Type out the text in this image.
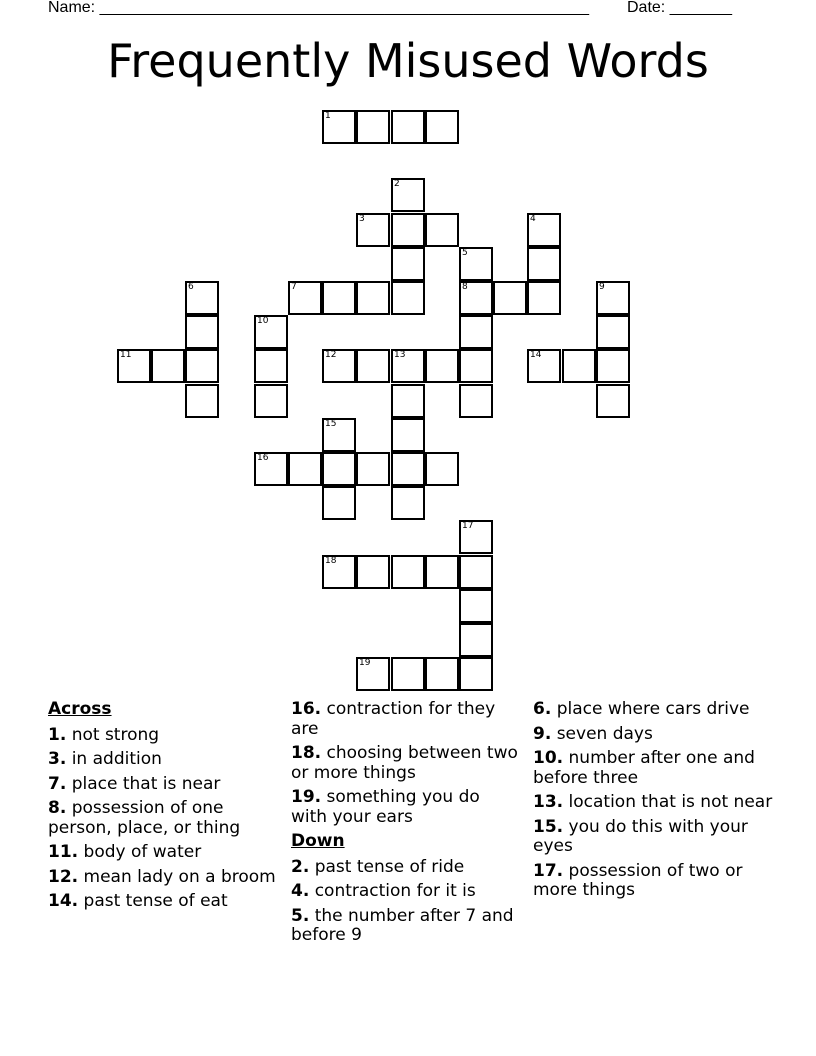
Name: _______________________________________________________ Date: _______
Frequently Misused Words
1
2
3	4
5
6	7	8	9
10
11	12	13	14
15
16
17
18
19
Across
1. not strong
3. in addition
7. place that is near
8. possession of one person, place, or thing
11. body of water
12. mean lady on a broom
14. past tense of eat
16. contraction for they are
18. choosing between two or more things
19. something you do with your ears
Down
2. past tense of ride
4. contraction for it is
5. the number after 7 and before 9
6. place where cars drive
9. seven days
10. number after one and before three
13. location that is not near
15. you do this with your eyes
17. possession of two or more things
